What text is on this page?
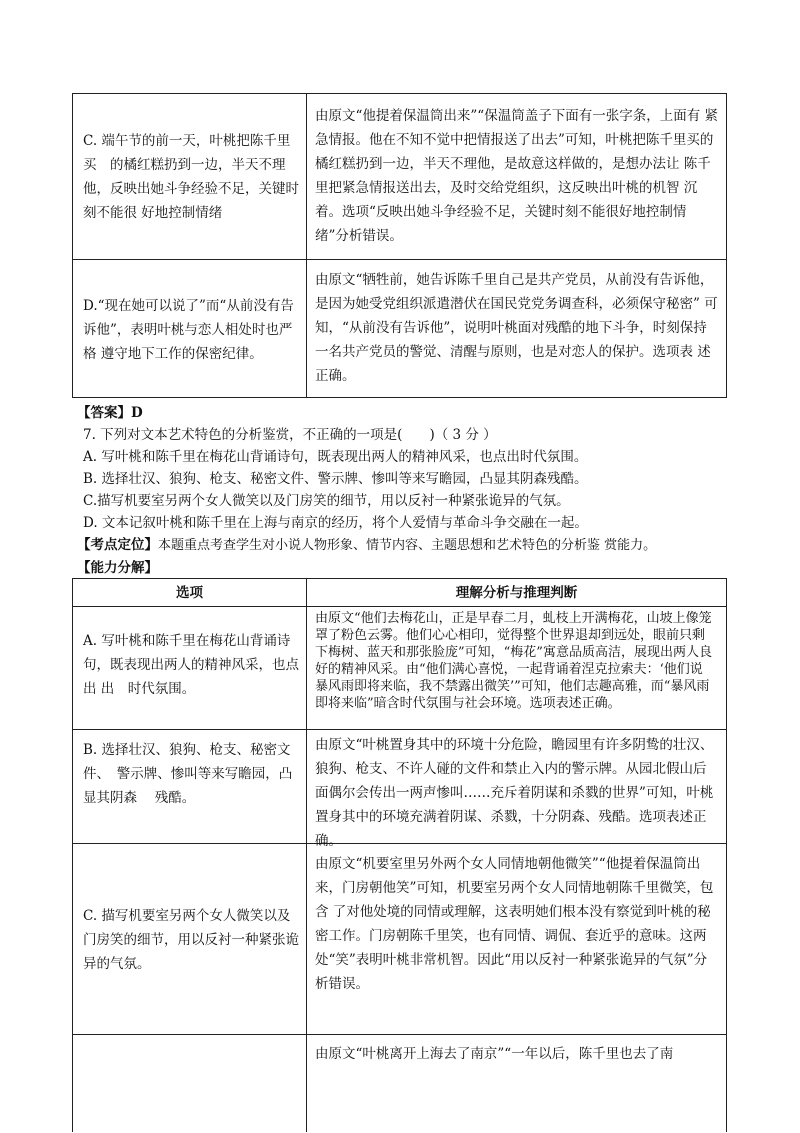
C. 端午节的前一天，叶桃把陈千里买　的橘红糕扔到一边，半天不理他，反映出她斗争经验不足，关键时刻不能很 好地控制情绪

由原文“他提着保温筒出来”“保温筒盖子下面有一张字条，上面有 紧急情报。他在不知不觉中把情报送了出去”可知，叶桃把陈千里买的橘红糕扔到一边，半天不理他，是故意这样做的，是想办法让 陈千里把紧急情报送出去，及时交给党组织，这反映出叶桃的机智 沉着。选项“反映出她斗争经验不足，关键时刻不能很好地控制情 绪”分析错误。

D.“现在她可以说了”而“从前没有告 诉他”，表明叶桃与恋人相处时也严格 遵守地下工作的保密纪律。

由原文“牺牲前，她告诉陈千里自己是共产党员，从前没有告诉他， 是因为她受党组织派遣潜伏在国民党党务调查科，必须保守秘密” 可知，“从前没有告诉他”，说明叶桃面对残酷的地下斗争，时刻保持一名共产党员的警觉、清醒与原则，也是对恋人的保护。选项表 述正确。

【答案】D

7. 下列对文本艺术特色的分析鉴赏，不正确的一项是(　　)（ 3 分 ）

A. 写叶桃和陈千里在梅花山背诵诗句，既表现出两人的精神风采，也点出时代氛围。

B. 选择壮汉、狼狗、枪支、秘密文件、警示牌、惨叫等来写瞻园，凸显其阴森残酷。

C.描写机要室另两个女人微笑以及门房笑的细节，用以反衬一种紧张诡异的气氛。

D. 文本记叙叶桃和陈千里在上海与南京的经历，将个人爱情与革命斗争交融在一起。

【考点定位】本题重点考查学生对小说人物形象、情节内容、主题思想和艺术特色的分析鉴 赏能力。

【能力分解】

选项	理解分析与推理判断

A. 写叶桃和陈千里在梅花山背诵诗句，既表现出两人的精神风采，也点出 出　时代氛围。

由原文“他们去梅花山，正是早春二月，虬枝上开满梅花，山坡上像笼罩了粉色云雾。他们心心相印，觉得整个世界退却到远处，眼前只剩　　下梅树、蓝天和那张脸庞”可知，“梅花”寓意品质高洁，展现出两人良 好的精神风采。由“他们满心喜悦，一起背诵着涅克拉索夫：‘他们说　暴风雨即将来临，我不禁露出微笑’”可知，他们志趣高雅，而“暴风雨　即将来临”暗含时代氛围与社会环境。选项表述正确。

B. 选择壮汉、狼狗、枪支、秘密文件、　警示牌、惨叫等来写瞻园，凸显其阴森　 残酷。

由原文“叶桃置身其中的环境十分危险，瞻园里有许多阴鸷的壮汉、狼狗、枪支、不许人碰的文件和禁止入内的警示牌。从园北假山后面偶尔会传出一两声惨叫……充斥着阴谋和杀戮的世界”可知，叶桃置身其中的环境充满着阴谋、杀戮，十分阴森、残酷。选项表述正确。

C. 描写机要室另两个女人微笑以及门房笑的细节，用以反衬一种紧张诡异的气氛。

由原文“机要室里另外两个女人同情地朝他微笑”“他提着保温筒出　来，门房朝他笑”可知，机要室另两个女人同情地朝陈千里微笑，包含 了对他处境的同情或理解，这表明她们根本没有察觉到叶桃的秘密工作。门房朝陈千里笑，也有同情、调侃、套近乎的意味。这两处“笑”表明叶桃非常机智。因此“用以反衬一种紧张诡异的气氛”分析错误。

由原文“叶桃离开上海去了南京”“一年以后，陈千里也去了南
